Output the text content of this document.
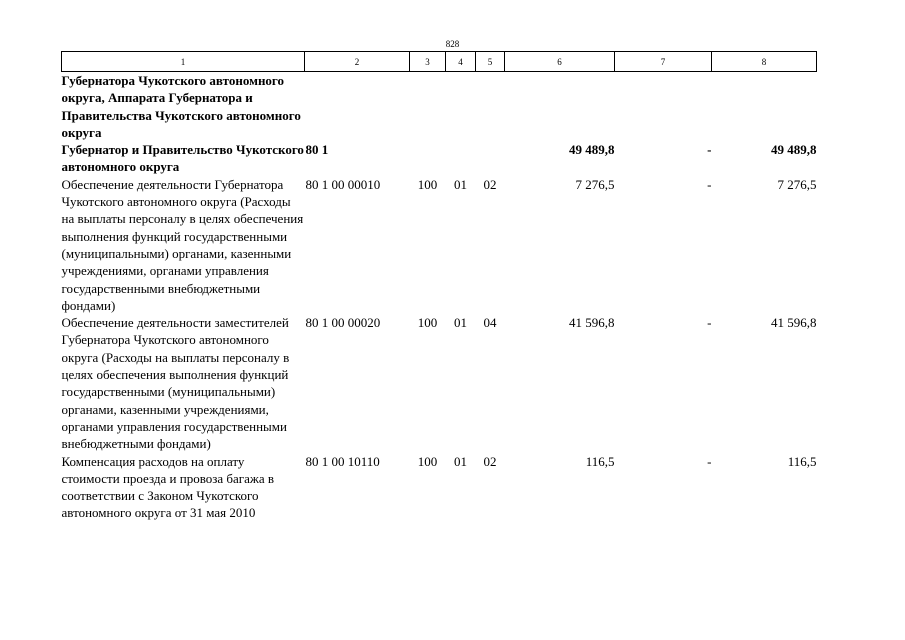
828
1	2	3	4	5	6	7	8
Губернатора Чукотского автономного округа, Аппарата Губернатора и Правительства Чукотского автономного округа							
Губернатор и Правительство Чукотского автономного округа	80 1				49 489,8	-	49 489,8
Обеспечение деятельности Губернатора Чукотского автономного округа (Расходы на выплаты персоналу в целях обеспечения выполнения функций государственными (муниципальными) органами, казенными учреждениями, органами управления государственными внебюджетными фондами)	80 1 00 00010	100	01	02	7 276,5	-	7 276,5
Обеспечение деятельности заместителей Губернатора Чукотского автономного округа (Расходы на выплаты персоналу в целях обеспечения выполнения функций государственными (муниципальными) органами, казенными учреждениями, органами управления государственными внебюджетными фондами)	80 1 00 00020	100	01	04	41 596,8	-	41 596,8
Компенсация расходов на оплату стоимости проезда и провоза багажа в соответствии с Законом Чукотского автономного округа от 31 мая 2010	80 1 00 10110	100	01	02	116,5	-	116,5
